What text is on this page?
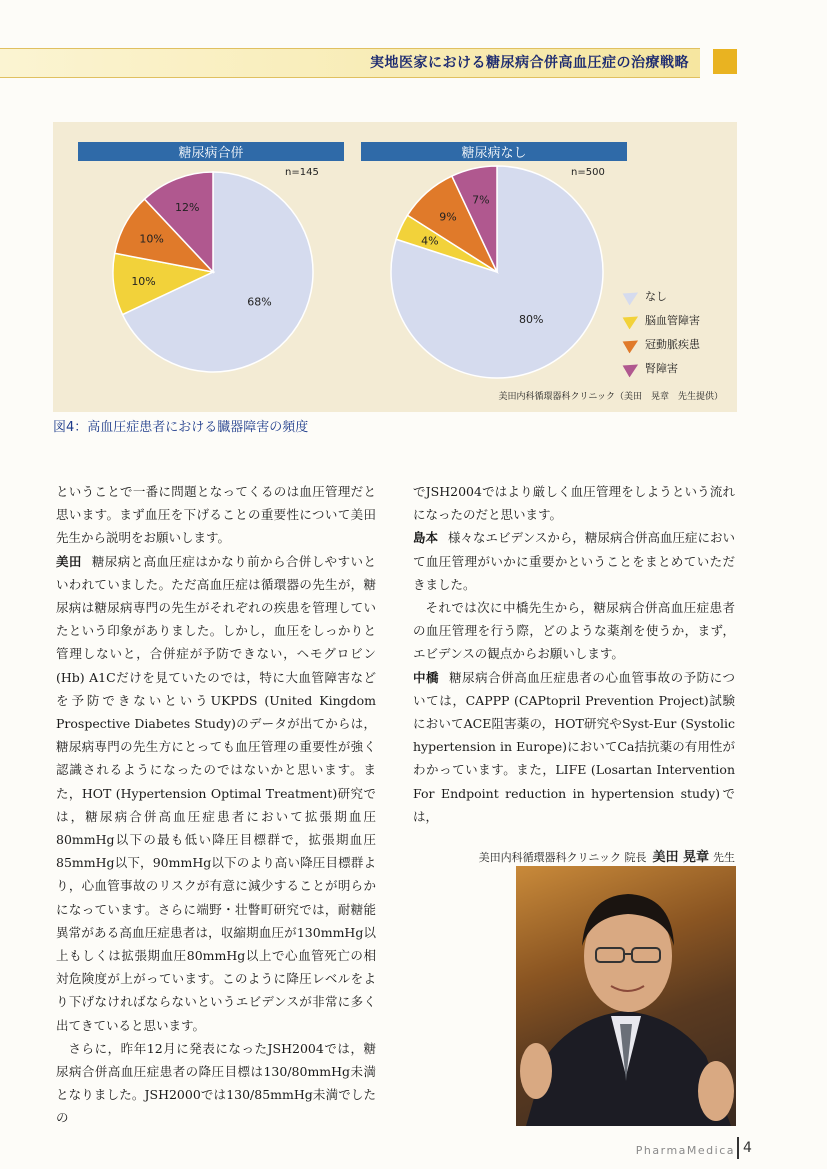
実地医家における糖尿病合併高血圧症の治療戦略
糖尿病合併
n=145
68%
10%
10%
12%
糖尿病なし
n=500
80%
4%
9%
7%
なし
脳血管障害
冠動脈疾患
腎障害
美田内科循環器科クリニック（美田　晃章　先生提供）
図4：高血圧症患者における臓器障害の頻度

ということで一番に問題となってくるのは血圧管理だと思います。まず血圧を下げることの重要性について美田先生から説明をお願いします。

美田 糖尿病と高血圧症はかなり前から合併しやすいといわれていました。ただ高血圧症は循環器の先生が，糖尿病は糖尿病専門の先生がそれぞれの疾患を管理していたという印象がありました。しかし，血圧をしっかりと管理しないと，合併症が予防できない，ヘモグロビン(Hb) A1Cだけを見ていたのでは，特に大血管障害などを予防できないというUKPDS (United Kingdom Prospective Diabetes Study)のデータが出てからは，糖尿病専門の先生方にとっても血圧管理の重要性が強く認識されるようになったのではないかと思います。また，HOT (Hypertension Optimal Treatment)研究では，糖尿病合併高血圧症患者において拡張期血圧80mmHg以下の最も低い降圧目標群で，拡張期血圧85mmHg以下，90mmHg以下のより高い降圧目標群より，心血管事故のリスクが有意に減少することが明らかになっています。さらに端野・壮瞥町研究では，耐糖能異常がある高血圧症患者は，収縮期血圧が130mmHg以上もしくは拡張期血圧80mmHg以上で心血管死亡の相対危険度が上がっています。このように降圧レベルをより下げなければならないというエビデンスが非常に多く出てきていると思います。

さらに，昨年12月に発表になったJSH2004では，糖尿病合併高血圧症患者の降圧目標は130/80mmHg未満となりました。JSH2000では130/85mmHg未満でしたの

でJSH2004ではより厳しく血圧管理をしようという流れになったのだと思います。

島本 様々なエビデンスから，糖尿病合併高血圧症において血圧管理がいかに重要かということをまとめていただきました。

それでは次に中橋先生から，糖尿病合併高血圧症患者の血圧管理を行う際，どのような薬剤を使うか，まず，エビデンスの観点からお願いします。

中橋 糖尿病合併高血圧症患者の心血管事故の予防については，CAPPP (CAPtopril Prevention Project)試験においてACE阻害薬の，HOT研究やSyst-Eur (Systolic hypertension in Europe)においてCa拮抗薬の有用性がわかっています。また，LIFE (Losartan Intervention For Endpoint reduction in hypertension study)では，

美田内科循環器科クリニック 院長 美田 晃章 先生
PharmaMedica 4
